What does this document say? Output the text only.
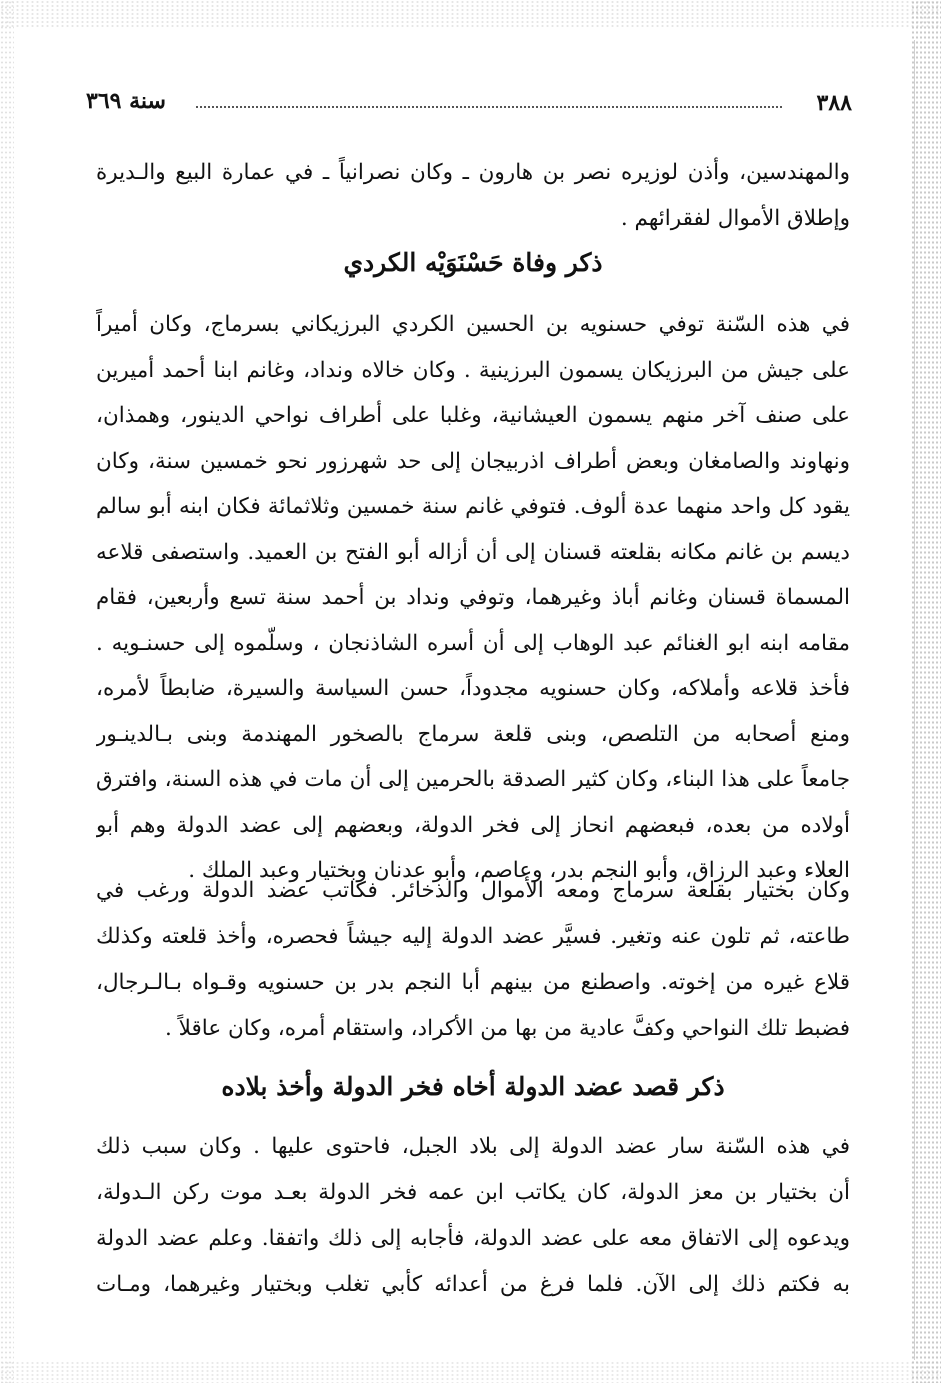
٣٨٨
سنة ٣٦٩
والمهندسين، وأذن لوزيره نصر بن هارون ـ وكان نصرانياً ـ في عمارة البيع والـديرة
وإطلاق الأموال لفقرائهم .
ذكر وفاة حَسْنَوَيْه الكردي
في هذه السّنة توفي حسنويه بن الحسين الكردي البرزيكاني بسرماج، وكان أميراً
على جيش من البرزيكان يسمون البرزينية . وكان خالاه ونداد، وغانم ابنا أحمد أميرين
على صنف آخر منهم يسمون العيشانية، وغلبا على أطراف نواحي الدينور، وهمذان،
ونهاوند والصامغان وبعض أطراف اذربيجان إلى حد شهرزور نحو خمسين سنة، وكان
يقود كل واحد منهما عدة ألوف. فتوفي غانم سنة خمسين وثلاثمائة فكان ابنه أبو سالم
ديسم بن غانم مكانه بقلعته قسنان إلى أن أزاله أبو الفتح بن العميد. واستصفى قلاعه
المسماة قسنان وغانم أباذ وغيرهما، وتوفي ونداد بن أحمد سنة تسع وأربعين، فقام
مقامه ابنه ابو الغنائم عبد الوهاب إلى أن أسره الشاذنجان ، وسلّموه إلى حسنـويه .
فأخذ قلاعه وأملاكه، وكان حسنويه مجدوداً، حسن السياسة والسيرة، ضابطاً لأمره،
ومنع أصحابه من التلصص، وبنى قلعة سرماج بالصخور المهندمة وبنى بـالدينـور
جامعاً على هذا البناء، وكان كثير الصدقة بالحرمين إلى أن مات في هذه السنة، وافترق
أولاده من بعده، فبعضهم انحاز إلى فخر الدولة، وبعضهم إلى عضد الدولة وهم أبو
العلاء وعبد الرزاق، وأبو النجم بدر، وعاصم، وأبو عدنان وبختيار وعبد الملك .
وكان بختيار بقلعة سرماج ومعه الأموال والذخائر. فكاتب عضد الدولة ورغب في
طاعته، ثم تلون عنه وتغير. فسيَّر عضد الدولة إليه جيشاً فحصره، وأخذ قلعته وكذلك
قلاع غيره من إخوته. واصطنع من بينهم أبا النجم بدر بن حسنويه وقـواه بـالـرجال،
فضبط تلك النواحي وكفَّ عادية من بها من الأكراد، واستقام أمره، وكان عاقلاً .
ذكر قصد عضد الدولة أخاه فخر الدولة وأخذ بلاده
في هذه السّنة سار عضد الدولة إلى بلاد الجبل، فاحتوى عليها . وكان سبب ذلك
أن بختيار بن معز الدولة، كان يكاتب ابن عمه فخر الدولة بعـد موت ركن الـدولة،
ويدعوه إلى الاتفاق معه على عضد الدولة، فأجابه إلى ذلك واتفقا. وعلم عضد الدولة
به فكتم ذلك إلى الآن. فلما فرغ من أعدائه كأبي تغلب وبختيار وغيرهما، ومـات
